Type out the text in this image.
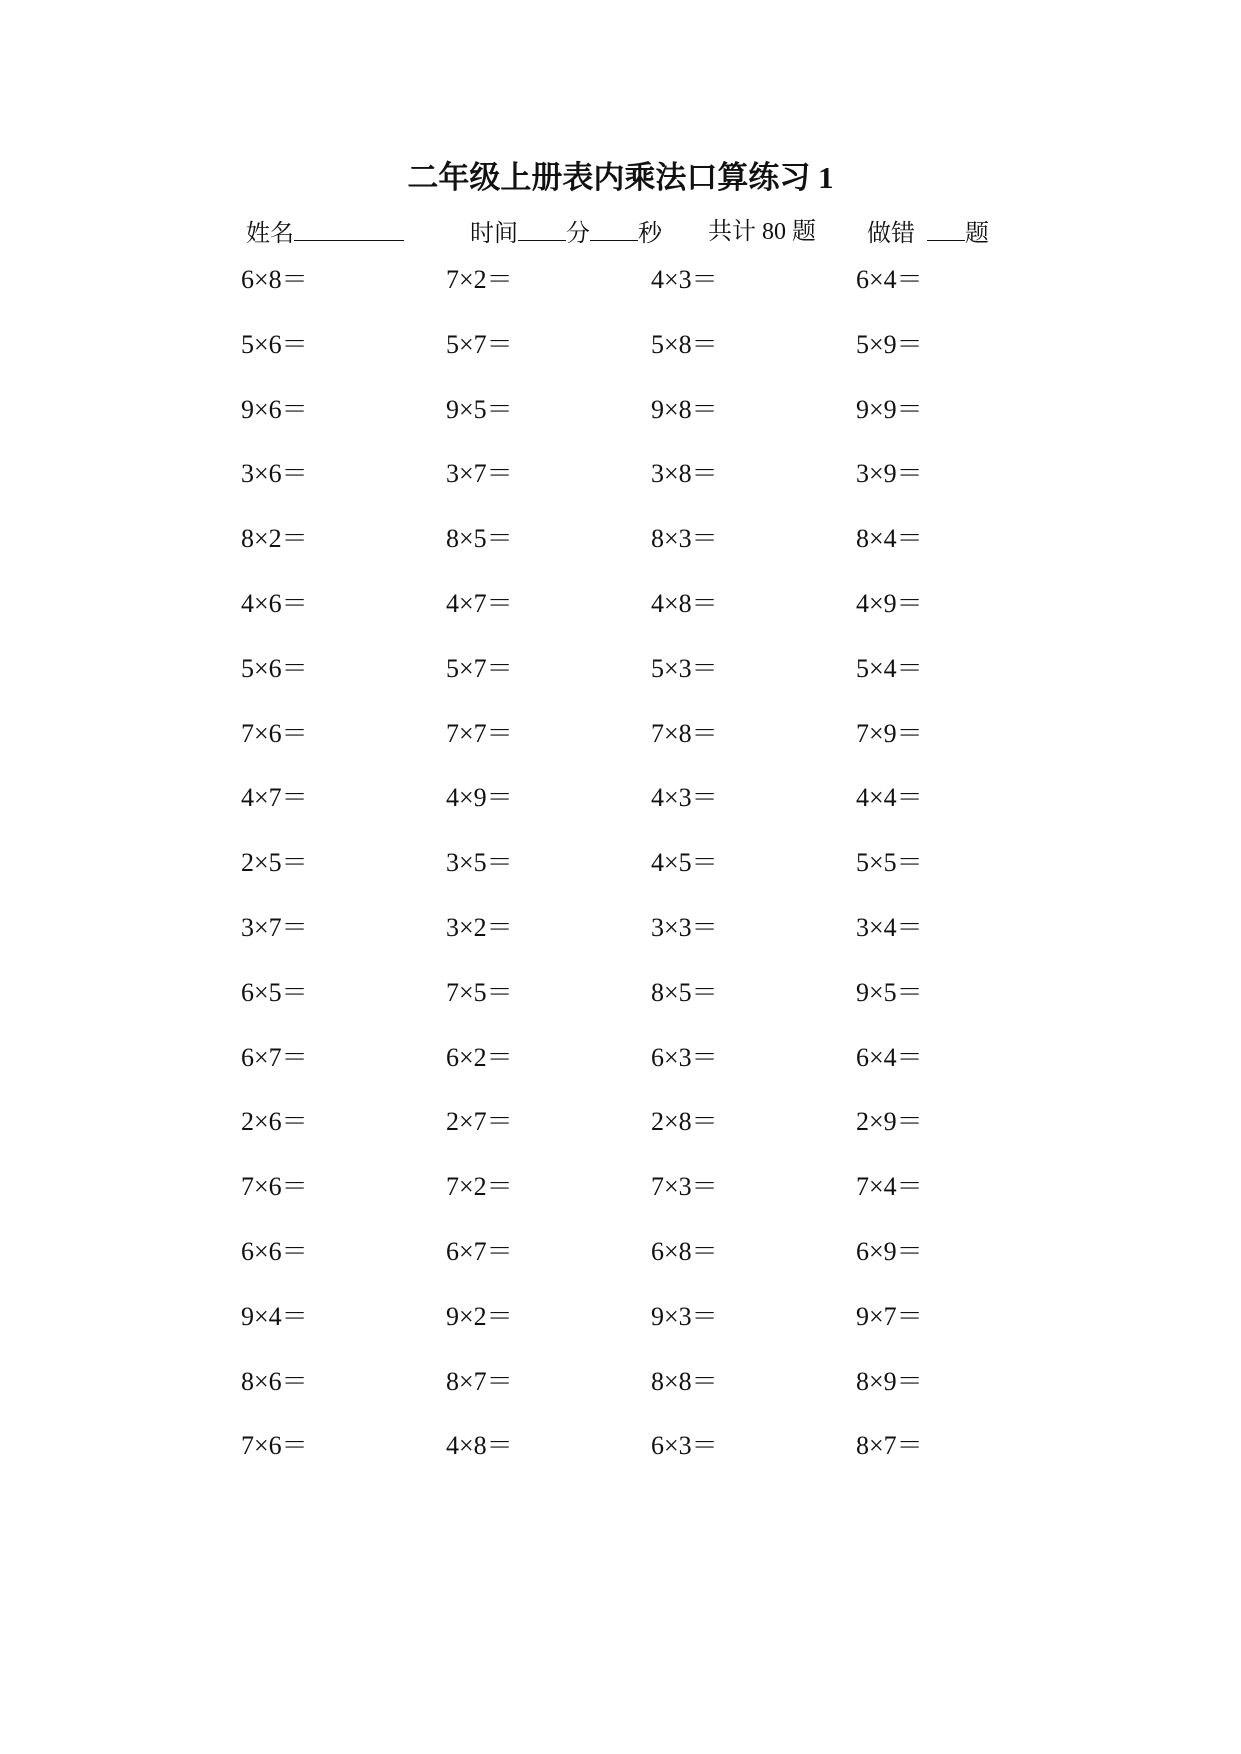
二年级上册表内乘法口算练习 1
姓名	时间 分 秒 共计 80 题 做错 题
6×8＝	7×2＝	4×3＝	6×4＝
5×6＝	5×7＝	5×8＝	5×9＝
9×6＝	9×5＝	9×8＝	9×9＝
3×6＝	3×7＝	3×8＝	3×9＝
8×2＝	8×5＝	8×3＝	8×4＝
4×6＝	4×7＝	4×8＝	4×9＝
5×6＝	5×7＝	5×3＝	5×4＝
7×6＝	7×7＝	7×8＝	7×9＝
4×7＝	4×9＝	4×3＝	4×4＝
2×5＝	3×5＝	4×5＝	5×5＝
3×7＝	3×2＝	3×3＝	3×4＝
6×5＝	7×5＝	8×5＝	9×5＝
6×7＝	6×2＝	6×3＝	6×4＝
2×6＝	2×7＝	2×8＝	2×9＝
7×6＝	7×2＝	7×3＝	7×4＝
6×6＝	6×7＝	6×8＝	6×9＝
9×4＝	9×2＝	9×3＝	9×7＝
8×6＝	8×7＝	8×8＝	8×9＝
7×6＝	4×8＝	6×3＝	8×7＝
